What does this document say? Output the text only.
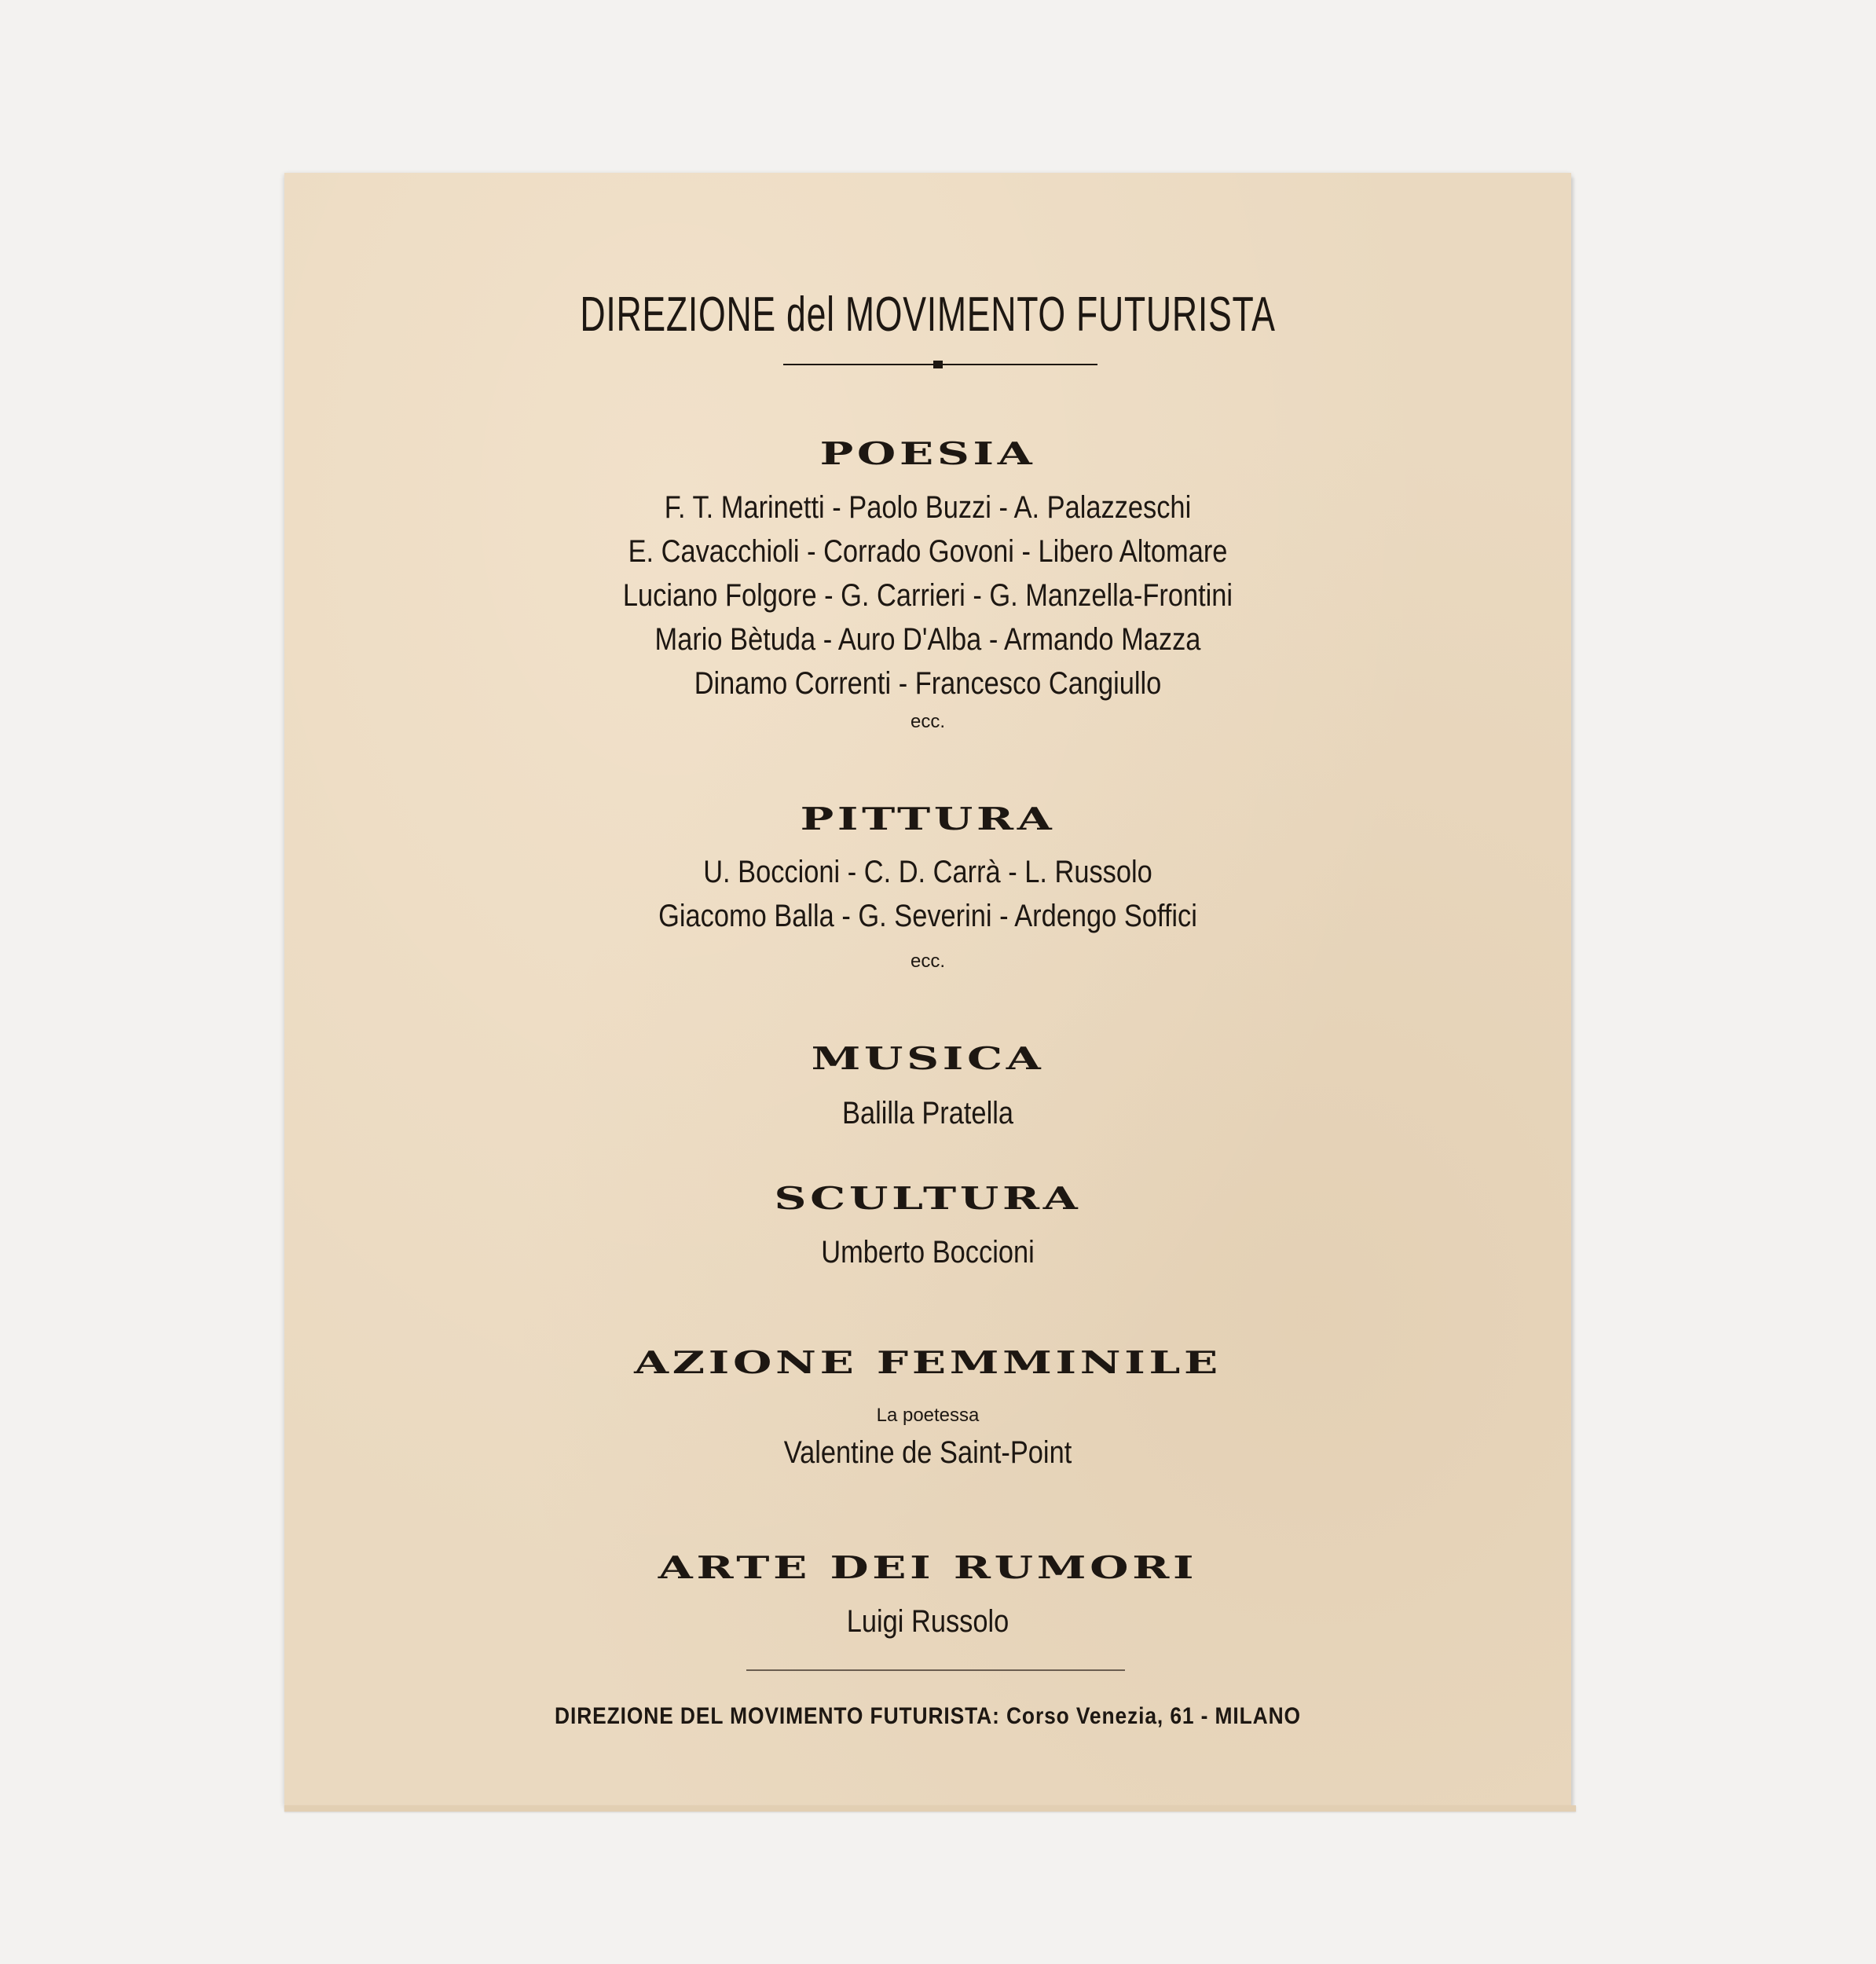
DIREZIONE del MOVIMENTO FUTURISTA
POESIA
F. T. Marinetti - Paolo Buzzi - A. Palazzeschi
E. Cavacchioli - Corrado Govoni - Libero Altomare
Luciano Folgore - G. Carrieri - G. Manzella-Frontini
Mario Bètuda - Auro D'Alba - Armando Mazza
Dinamo Correnti - Francesco Cangiullo
ecc.
PITTURA
U. Boccioni - C. D. Carrà - L. Russolo
Giacomo Balla - G. Severini - Ardengo Soffici
ecc.
MUSICA
Balilla Pratella
SCULTURA
Umberto Boccioni
AZIONE FEMMINILE
La poetessa
Valentine de Saint-Point
ARTE DEI RUMORI
Luigi Russolo
DIREZIONE DEL MOVIMENTO FUTURISTA: Corso Venezia, 61 - MILANO
